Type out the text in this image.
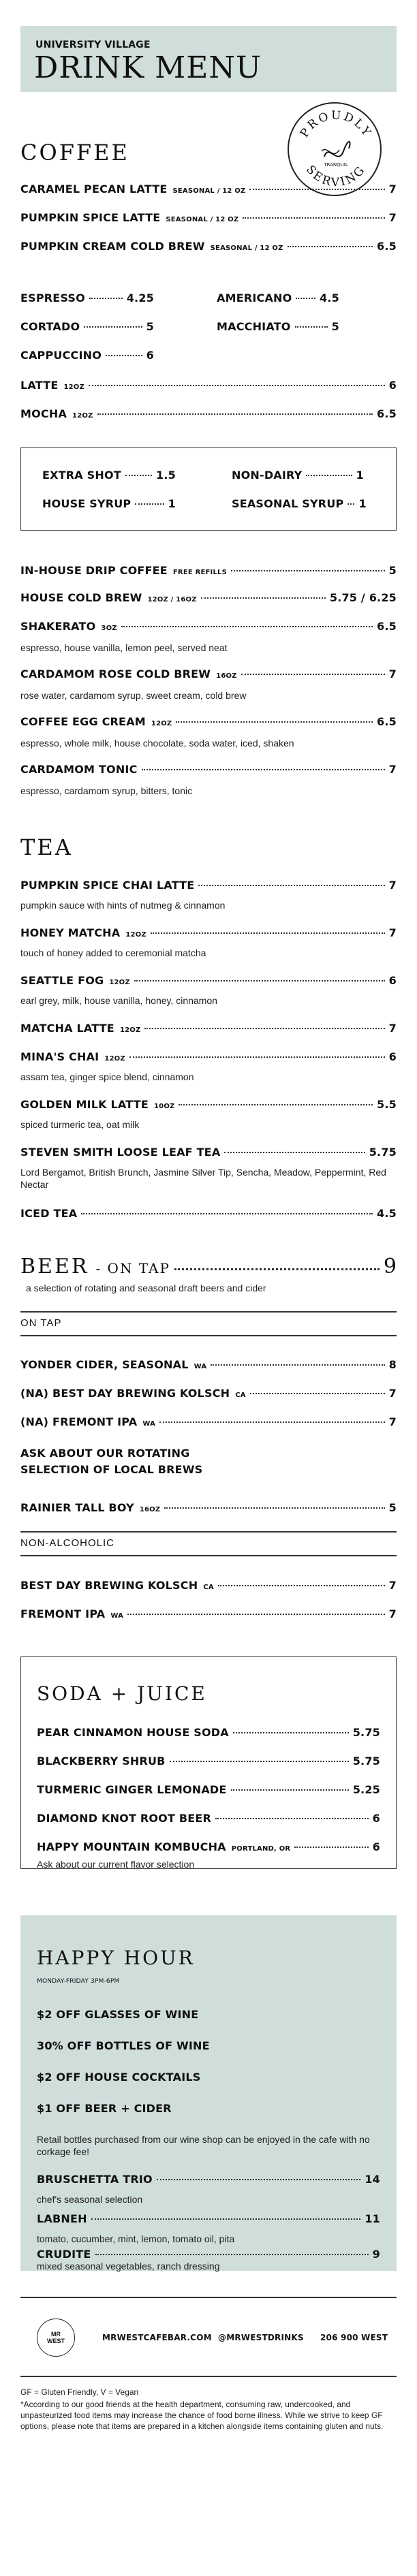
UNIVERSITY VILLAGE
DRINK MENU
PROUDLY
SERVING
TRANQUIL
COFFEE
CARAMEL PECAN LATTE SEASONAL / 12 OZ	7
PUMPKIN SPICE LATTE SEASONAL / 12 OZ	7
PUMPKIN CREAM COLD BREW SEASONAL / 12 OZ	6.5
ESPRESSO	4.25
CORTADO	5
CAPPUCCINO	6
AMERICANO	4.5
MACCHIATO	5
LATTE 12OZ	6
MOCHA 12OZ	6.5
EXTRA SHOT	1.5	NON-DAIRY	1
HOUSE SYRUP	1	SEASONAL SYRUP 1
IN-HOUSE DRIP COFFEE FREE REFILLS	5
HOUSE COLD BREW 12OZ / 16OZ	5.75 / 6.25
SHAKERATO 3OZ	6.5
espresso, house vanilla, lemon peel, served neat
CARDAMOM ROSE COLD BREW 16OZ	7
rose water, cardamom syrup, sweet cream, cold brew
COFFEE EGG CREAM 12OZ	6.5
espresso, whole milk, house chocolate, soda water, iced, shaken
CARDAMOM TONIC	7
espresso, cardamom syrup, bitters, tonic
TEA
PUMPKIN SPICE CHAI LATTE	7
pumpkin sauce with hints of nutmeg & cinnamon
HONEY MATCHA 12OZ	7
touch of honey added to ceremonial matcha
SEATTLE FOG 12OZ	6
earl grey, milk, house vanilla, honey, cinnamon
MATCHA LATTE 12OZ	7
MINA'S CHAI 12OZ	6
assam tea, ginger spice blend, cinnamon
GOLDEN MILK LATTE 10OZ	5.5
spiced turmeric tea, oat milk
STEVEN SMITH LOOSE LEAF TEA	5.75
Lord Bergamot, British Brunch, Jasmine Silver Tip, Sencha, Meadow, Peppermint, Red Nectar
ICED TEA	4.5
BEER - ON TAP	9
a selection of rotating and seasonal draft beers and cider
ON TAP
YONDER CIDER, SEASONAL WA	8
(NA) BEST DAY BREWING KOLSCH CA	7
(NA) FREMONT IPA WA	7
ASK ABOUT OUR ROTATING
SELECTION OF LOCAL BREWS
RAINIER TALL BOY 16OZ	5
NON-ALCOHOLIC
BEST DAY BREWING KOLSCH CA	7
FREMONT IPA WA	7
SODA + JUICE
PEAR CINNAMON HOUSE SODA	5.75
BLACKBERRY SHRUB	5.75
TURMERIC GINGER LEMONADE	5.25
DIAMOND KNOT ROOT BEER	6
HAPPY MOUNTAIN KOMBUCHA PORTLAND, OR	6
Ask about our current flavor selection
HAPPY HOUR
MONDAY-FRIDAY 3PM-6PM
$2 OFF GLASSES OF WINE
30% OFF BOTTLES OF WINE
$2 OFF HOUSE COCKTAILS
$1 OFF BEER + CIDER
Retail bottles purchased from our wine shop can be enjoyed in the cafe with no corkage fee!
BRUSCHETTA TRIO	14
chef's seasonal selection
LABNEH	11
tomato, cucumber, mint, lemon, tomato oil, pita
CRUDITE	9
mixed seasonal vegetables, ranch dressing
MR
WEST	MRWESTCAFEBAR.COM @MRWESTDRINKS 206 900 WEST
GF = Gluten Friendly, V = Vegan
*According to our good friends at the health department, consuming raw, undercooked, and unpasteurized food items may increase the chance of food borne illness. While we strive to keep GF options, please note that items are prepared in a kitchen alongside items containing gluten and nuts.
